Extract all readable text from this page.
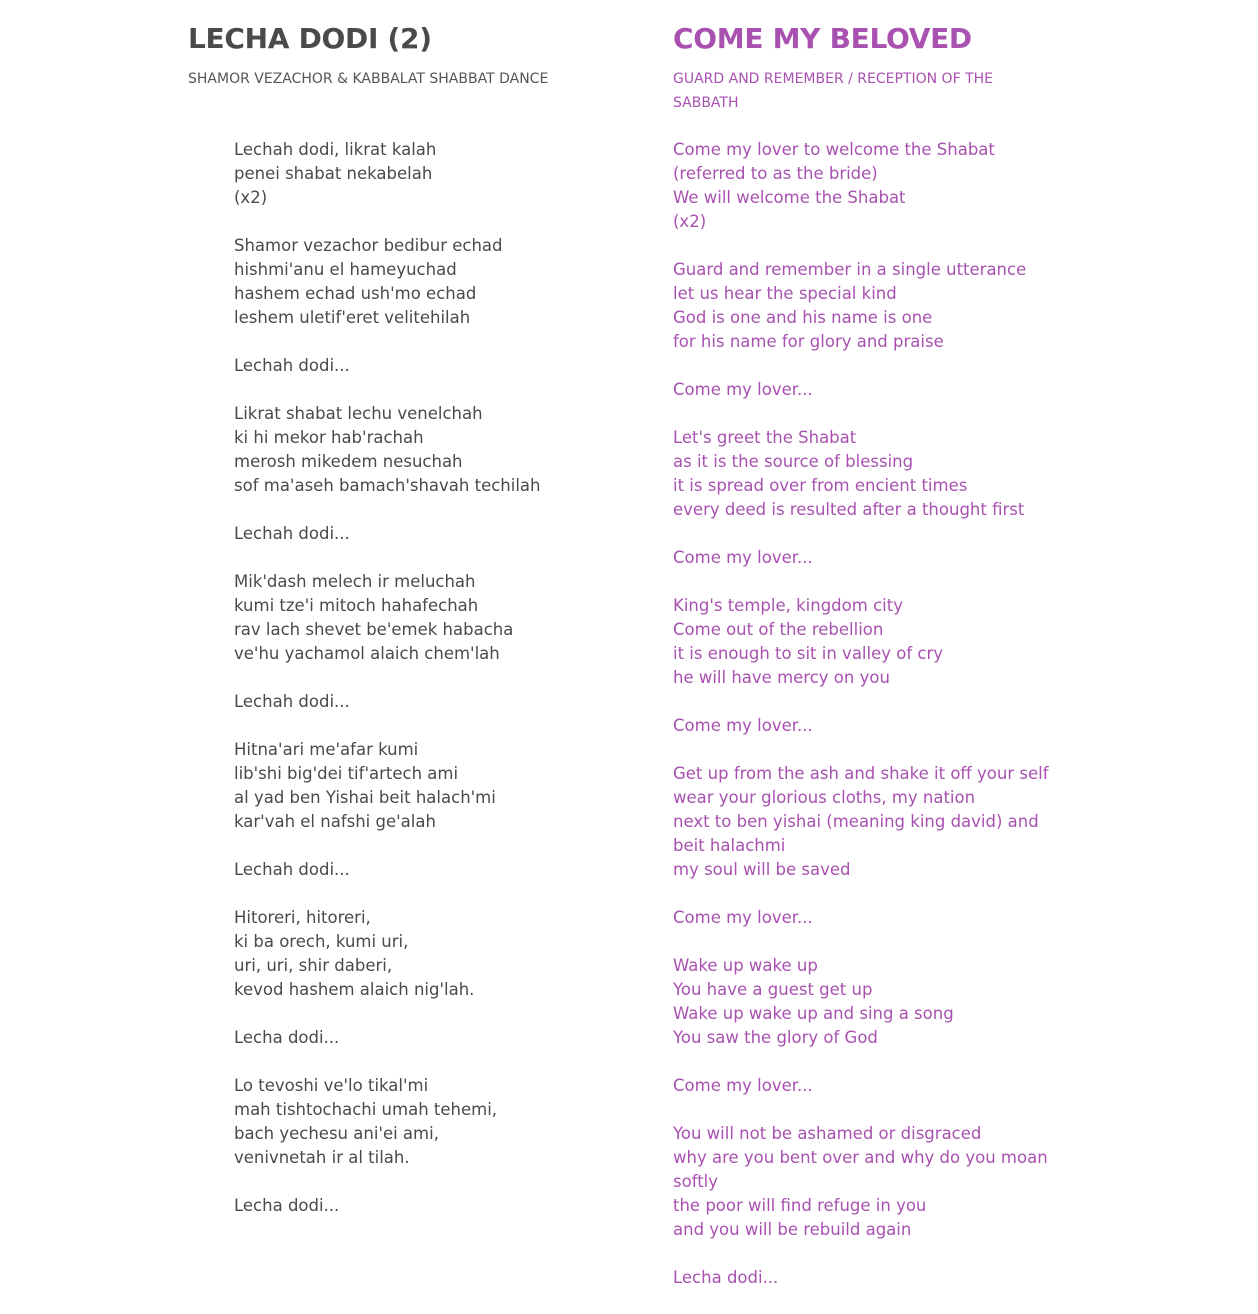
LECHA DODI (2)
SHAMOR VEZACHOR & KABBALAT SHABBAT DANCE
Lechah dodi, likrat kalah
penei shabat nekabelah
(x2)
Shamor vezachor bedibur echad
hishmi'anu el hameyuchad
hashem echad ush'mo echad
leshem uletif'eret velitehilah
Lechah dodi...
Likrat shabat lechu venelchah
ki hi mekor hab'rachah
merosh mikedem nesuchah
sof ma'aseh bamach'shavah techilah
Lechah dodi...
Mik'dash melech ir meluchah
kumi tze'i mitoch hahafechah
rav lach shevet be'emek habacha
ve'hu yachamol alaich chem'lah
Lechah dodi...
Hitna'ari me'afar kumi
lib'shi big'dei tif'artech ami
al yad ben Yishai beit halach'mi
kar'vah el nafshi ge'alah
Lechah dodi...
Hitoreri, hitoreri,
ki ba orech, kumi uri,
uri, uri, shir daberi,
kevod hashem alaich nig'lah.
Lecha dodi...
Lo tevoshi ve'lo tikal'mi
mah tishtochachi umah tehemi,
bach yechesu ani'ei ami,
venivnetah ir al tilah.
Lecha dodi...
COME MY BELOVED
GUARD AND REMEMBER / RECEPTION OF THE SABBATH
Come my lover to welcome the Shabat (referred to as the bride)
We will welcome the Shabat
(x2)
Guard and remember in a single utterance
let us hear the special kind
God is one and his name is one
for his name for glory and praise
Come my lover...
Let's greet the Shabat
as it is the source of blessing
it is spread over from encient times
every deed is resulted after a thought first
Come my lover...
King's temple, kingdom city
Come out of the rebellion
it is enough to sit in valley of cry
he will have mercy on you
Come my lover...
Get up from the ash and shake it off your self
wear your glorious cloths, my nation
next to ben yishai (meaning king david) and beit halachmi
my soul will be saved
Come my lover...
Wake up wake up
You have a guest get up
Wake up wake up and sing a song
You saw the glory of God
Come my lover...
You will not be ashamed or disgraced
why are you bent over and why do you moan softly
the poor will find refuge in you
and you will be rebuild again
Lecha dodi...
